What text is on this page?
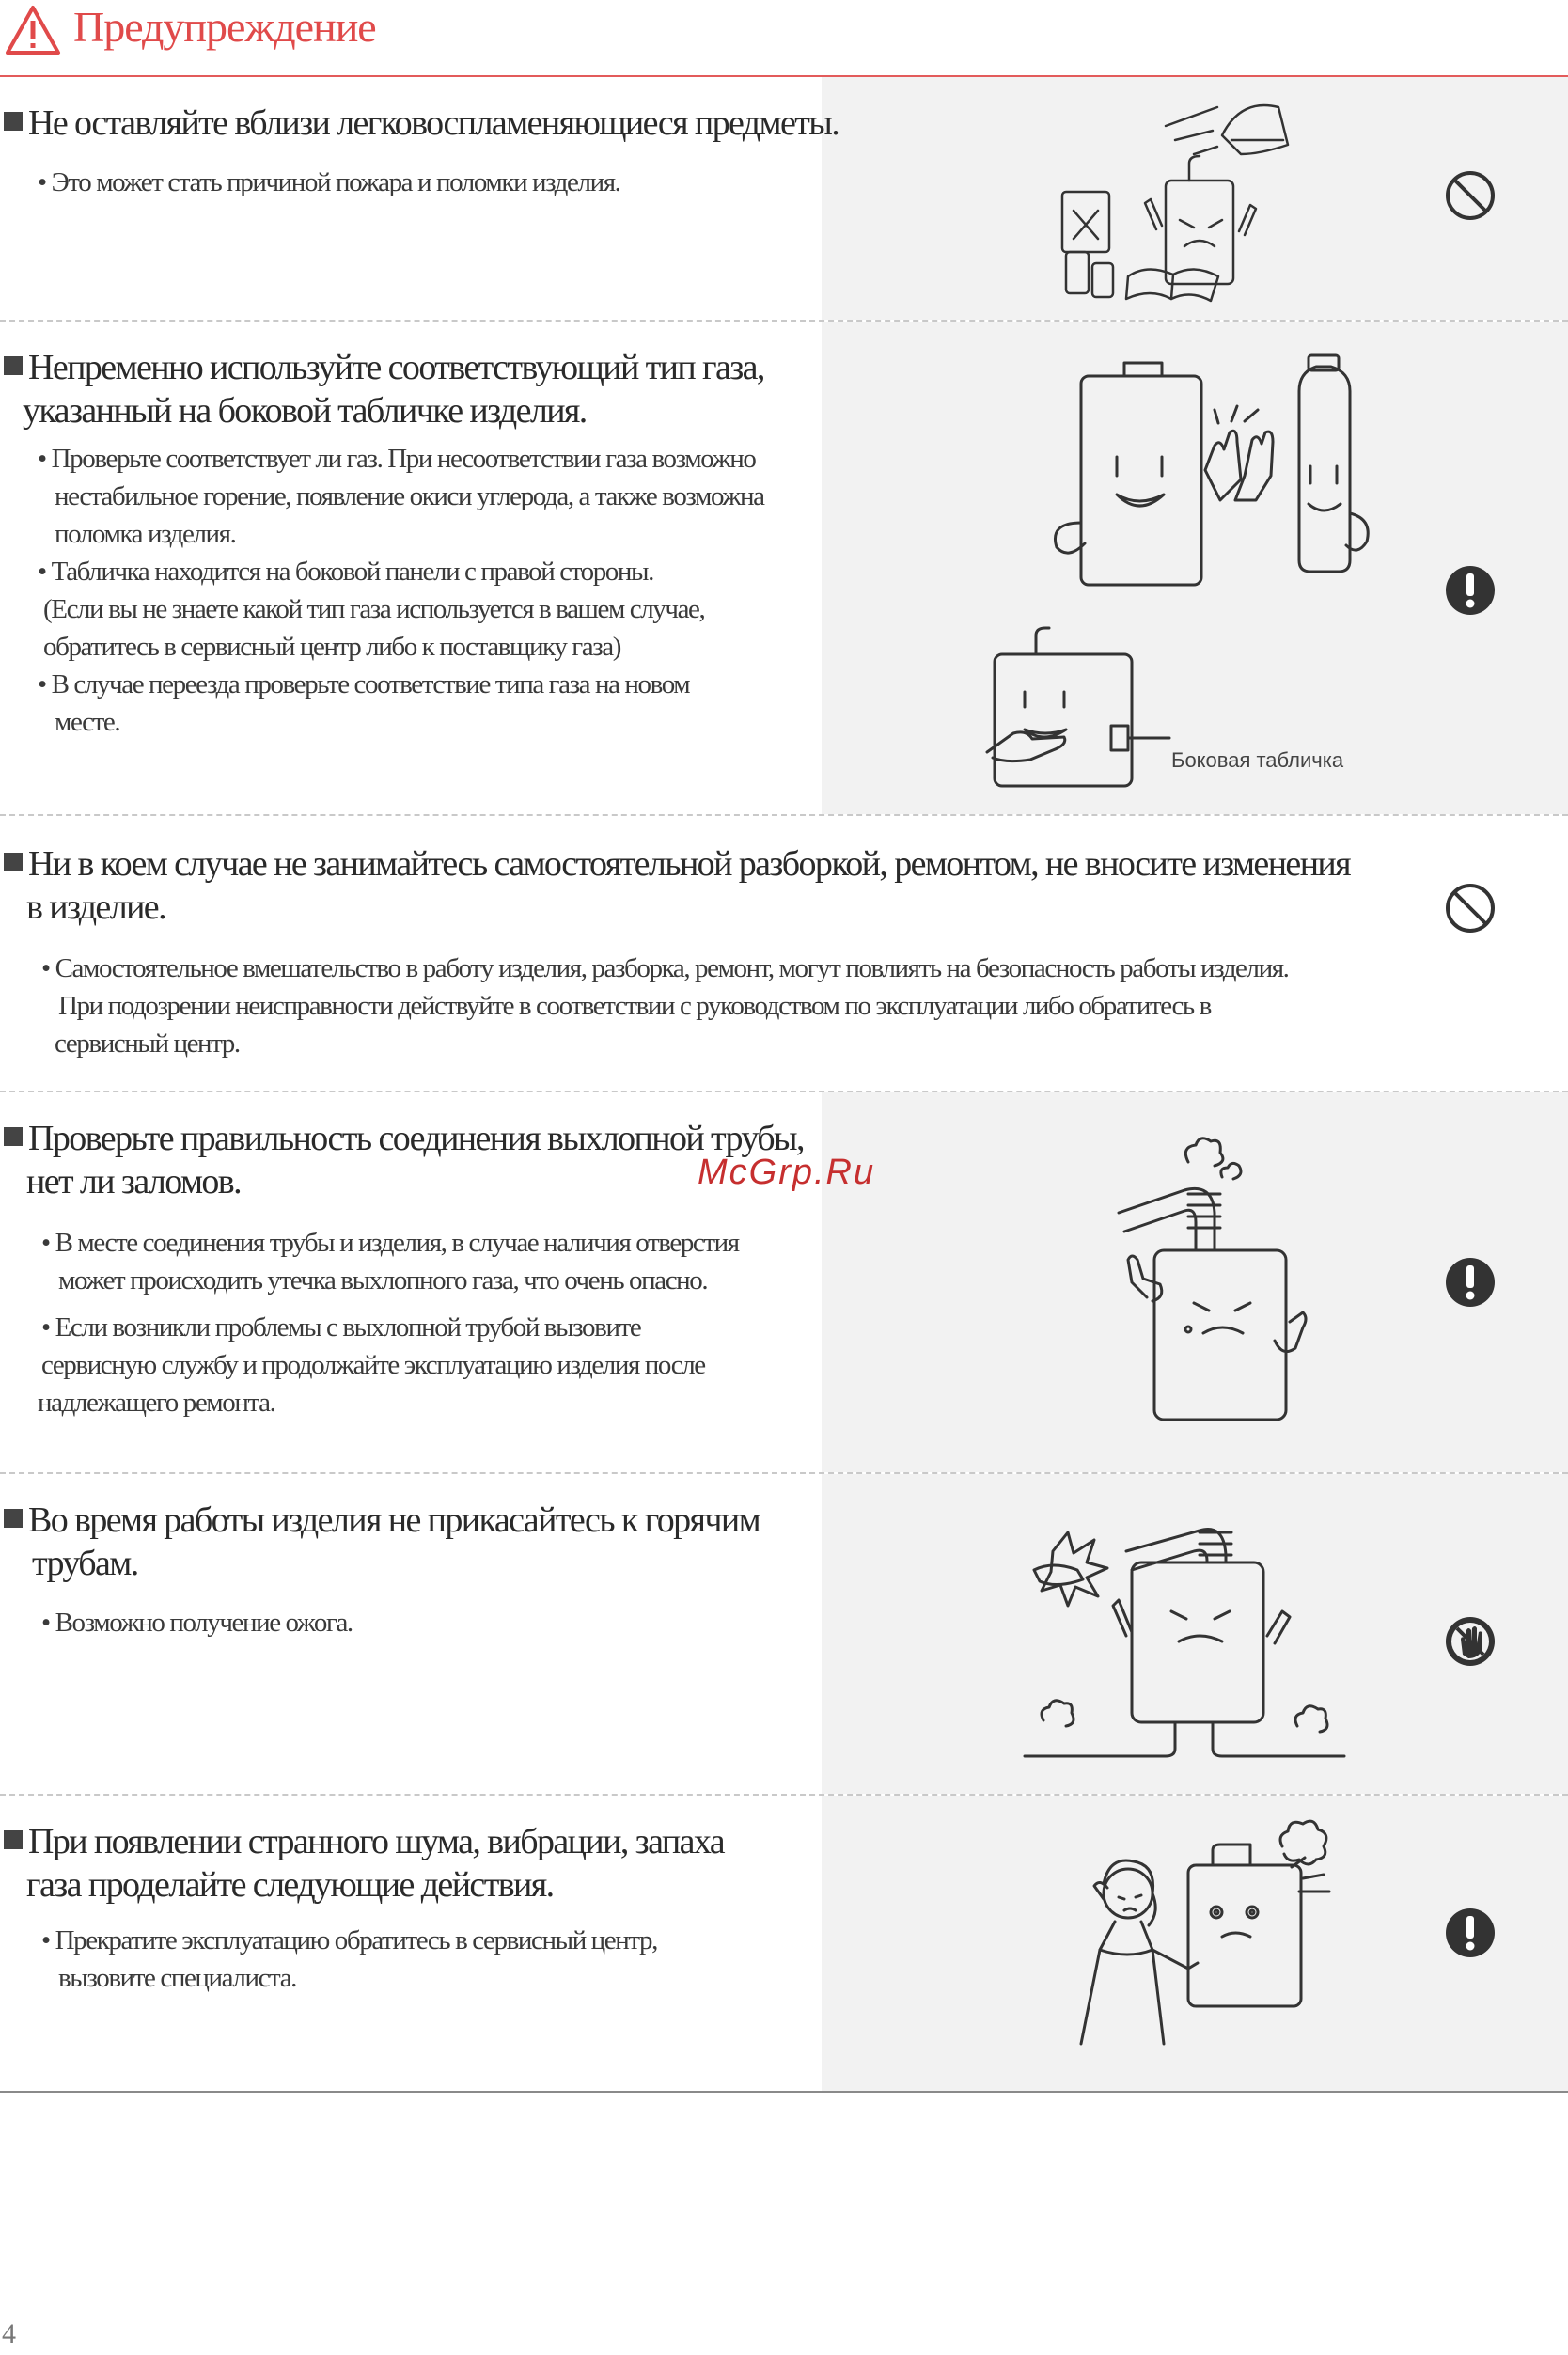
Предупреждение
Не оставляйте вблизи легковоспламеняющиеся предметы.
• Это может стать причиной пожара и поломки изделия.
Непременно используйте соответствующий тип газа,
указанный на боковой табличке изделия.
• Проверьте соответствует ли газ. При несоответствии газа возможно
нестабильное горение, появление окиси углерода, а также возможна
поломка изделия.
• Табличка находится на боковой панели с правой стороны.
(Если вы не знаете какой тип газа используется в вашем случае,
обратитесь в сервисный центр либо к поставщику газа)
• В случае переезда проверьте соответствие типа газа на новом
месте.
Боковая табличка
Ни в коем случае не занимайтесь самостоятельной разборкой, ремонтом, не вносите изменения
в изделие.
• Самостоятельное вмешательство в работу изделия, разборка, ремонт, могут повлиять на безопасность работы изделия.
При подозрении неисправности действуйте в соответствии с руководством по эксплуатации либо обратитесь в
сервисный центр.
Проверьте правильность соединения выхлопной трубы,
нет ли заломов.
• В месте соединения трубы и изделия, в случае наличия отверстия
может происходить утечка выхлопного газа, что очень опасно.
• Если возникли проблемы с выхлопной трубой вызовите
сервисную службу и продолжайте эксплуатацию изделия после
надлежащего ремонта.
Во время работы изделия не прикасайтесь к горячим
трубам.
• Возможно получение ожога.
При появлении странного шума, вибрации, запаха
газа проделайте следующие действия.
• Прекратите эксплуатацию обратитесь в сервисный центр,
вызовите специалиста.
McGrp.Ru
4
